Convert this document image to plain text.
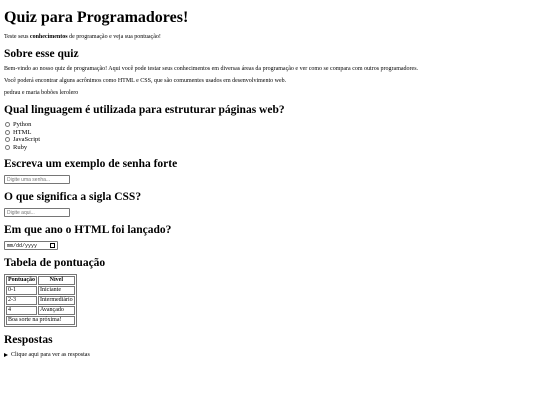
Quiz para Programadores!

Teste seus conhecimentos de programação e veja sua pontuação!

Sobre esse quiz

Bem-vindo ao nosso quiz de programação! Aqui você pode testar seus conhecimentos em diversas áreas da programação e ver como se compara com outros programadores.

Você poderá encontrar alguns acrônimos como HTML e CSS, que são comumentes usados em desenvolvimento web.

pedrau e maria bobões lerolero

Qual linguagem é utilizada para estruturar páginas web?
Python
HTML
JavaScript
Ruby
Escreva um exemplo de senha forte
Digite uma senha...
O que significa a sigla CSS?
Digite aqui...
Em que ano o HTML foi lançado?
mm/dd/yyyy
Tabela de pontuação
Pontuação	Nível
0-1	Iniciante
2-3	Intermediário
4	Avançado
Boa sorte na próxima!	
Respostas
Clique aqui para ver as respostas
